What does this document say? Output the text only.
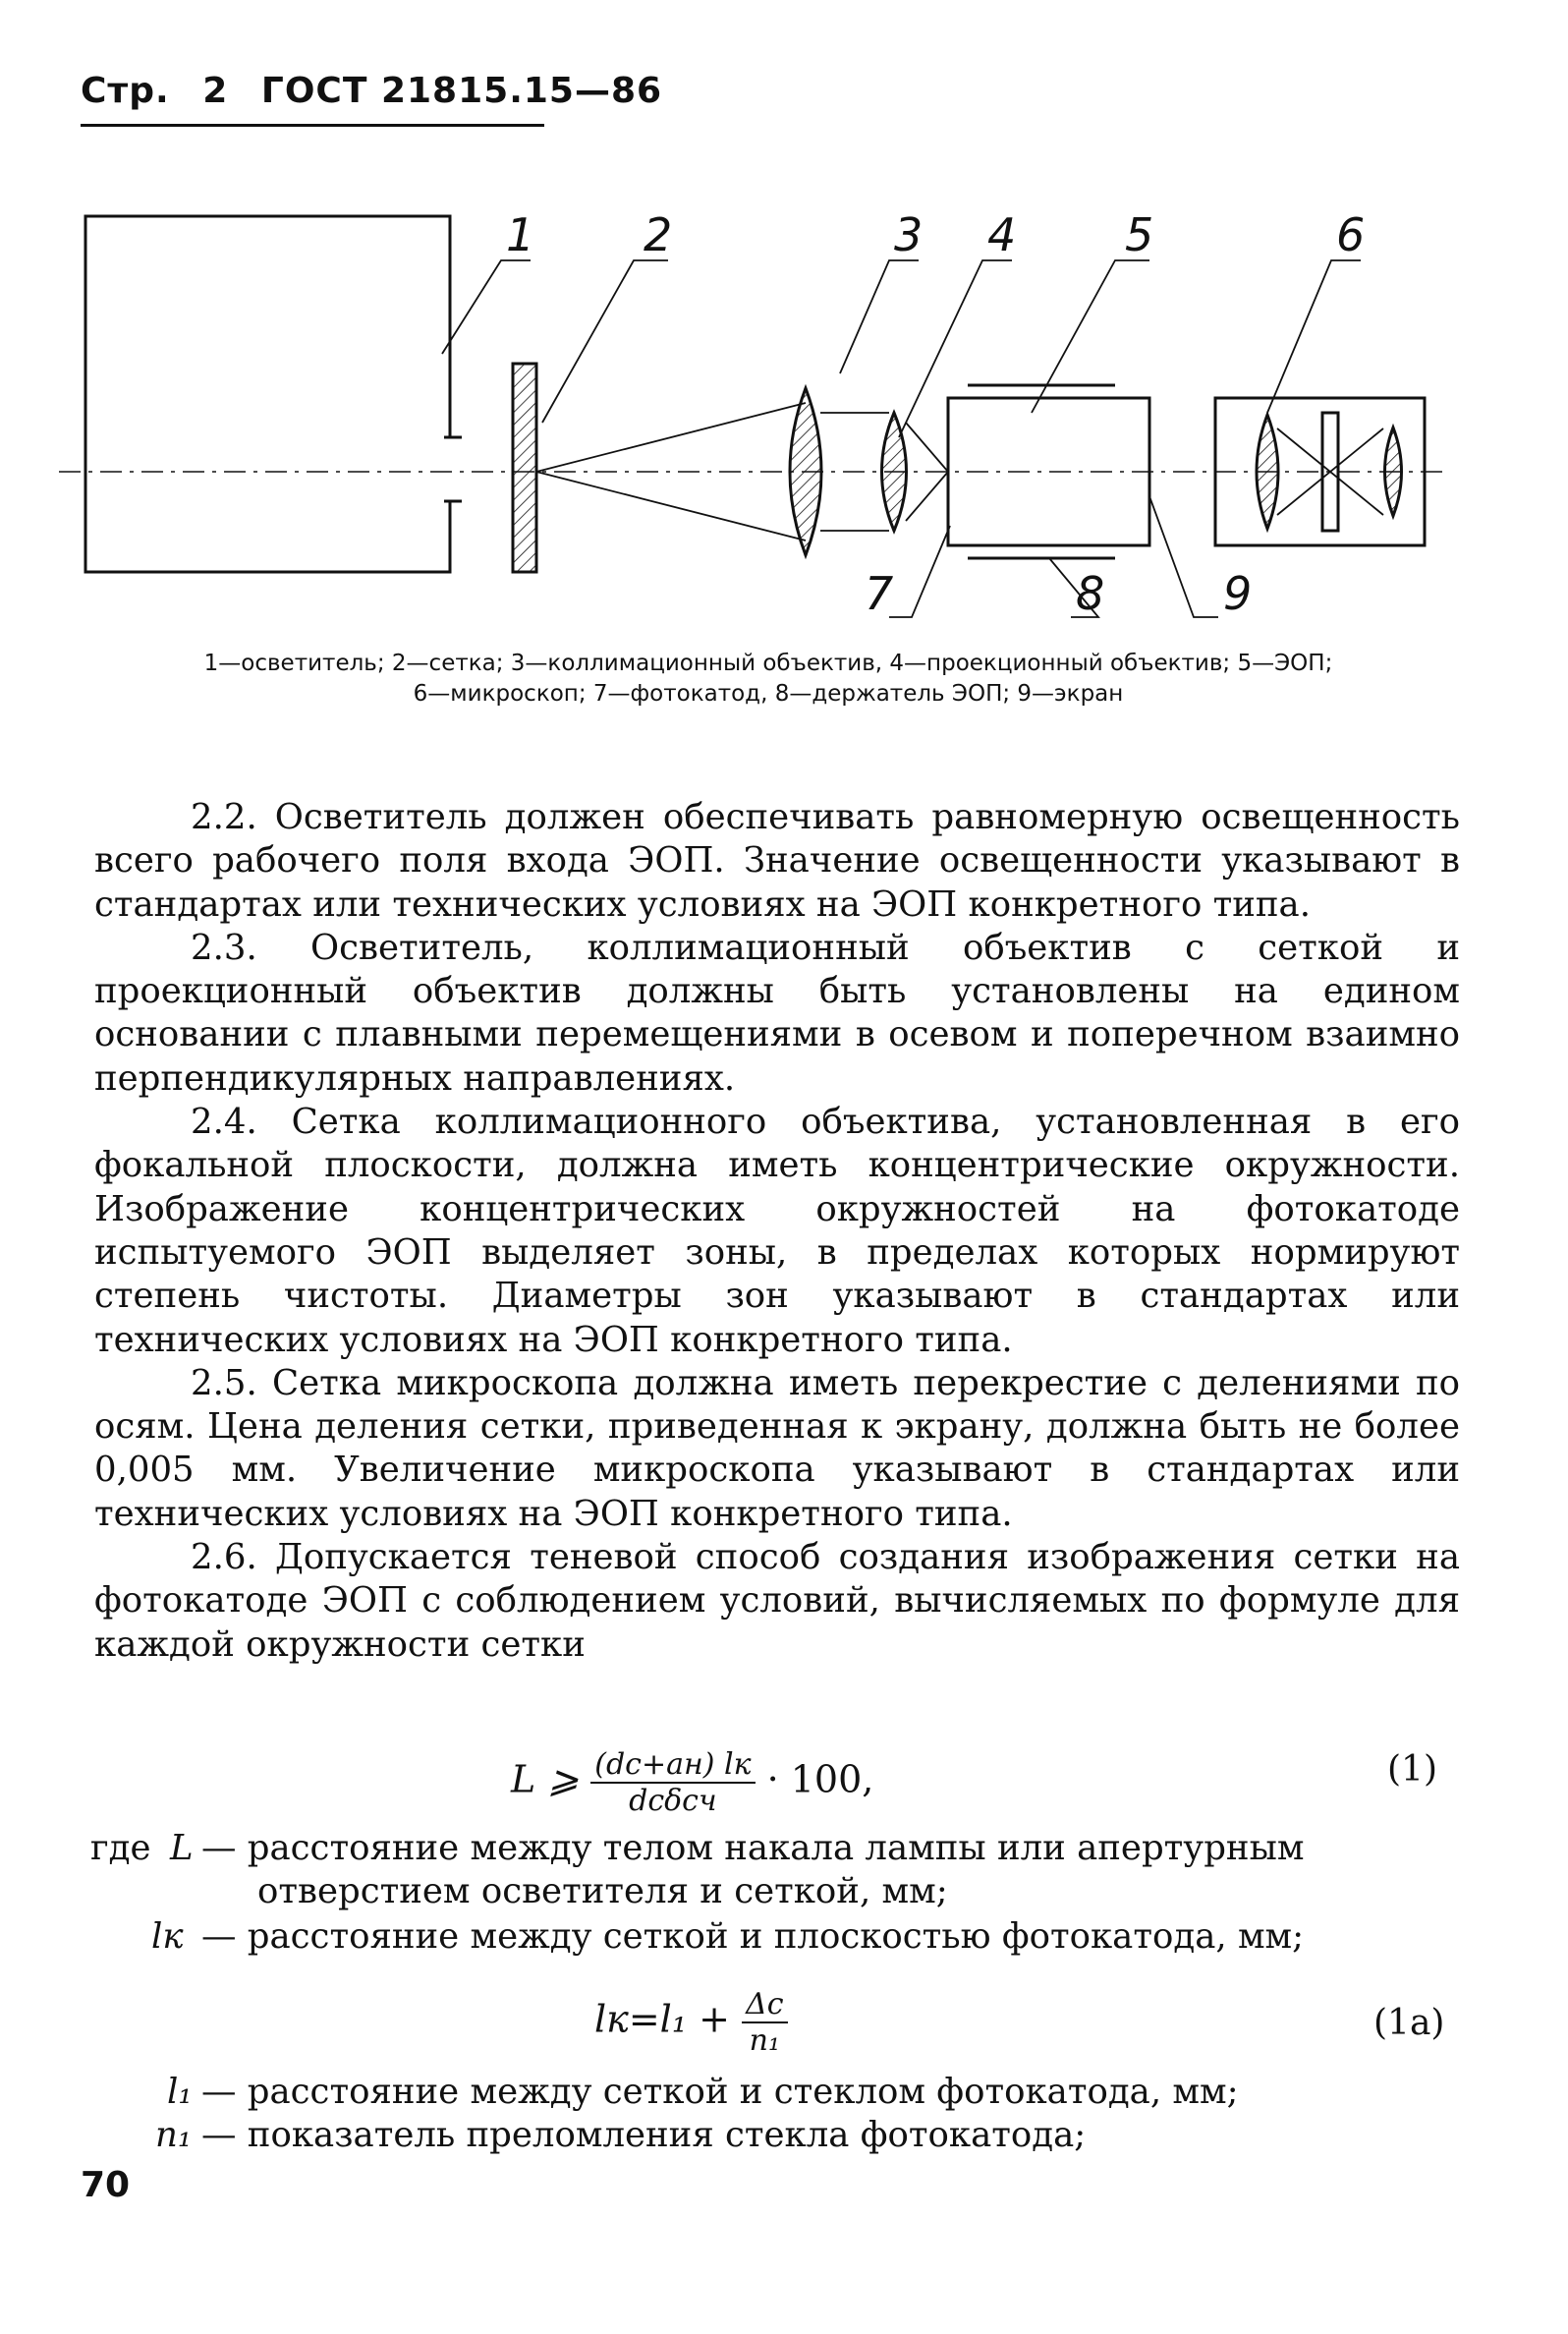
Стр. 2 ГОСТ 21815.15—86
1 2	3 4 5	6
7	8	9
1—осветитель; 2—сетка; 3—коллимационный объектив, 4—проекционный объектив; 5—ЭОП;
6—микроскоп; 7—фотокатод, 8—держатель ЭОП; 9—экран

2.2. Осветитель должен обеспечивать равномерную освещенность всего рабочего поля входа ЭОП. Значение освещенности указывают в стандартах или технических условиях на ЭОП конкретного типа.

2.3. Осветитель, коллимационный объектив с сеткой и проекционный объектив должны быть установлены на едином основании с плавными перемещениями в осевом и поперечном взаимно перпендикулярных направлениях.

2.4. Сетка коллимационного объектива, установленная в его фокальной плоскости, должна иметь концентрические окружности. Изображение концентрических окружностей на фотокатоде испытуемого ЭОП выделяет зоны, в пределах которых нормируют степень чистоты. Диаметры зон указывают в стандартах или технических условиях на ЭОП конкретного типа.

2.5. Сетка микроскопа должна иметь перекрестие с делениями по осям. Цена деления сетки, приведенная к экрану, должна быть не более 0,005 мм. Увеличение микроскопа указывают в стандартах или технических условиях на ЭОП конкретного типа.

2.6. Допускается теневой способ создания изображения сетки на фотокатоде ЭОП с соблюдением условий, вычисляемых по формуле для каждой окружности сетки

L ⩾ $\frac{(dс+aн) lк}{\text{dсδсч}} \cdot 100$,	(1)
где L — расстояние между телом накала лампы или апертурным
отверстием осветителя и сеткой, мм;
lк — расстояние между сеткой и плоскостью фотокатода, мм;
$lк=l_1 + \frac{\Delta c}{\text{n₁}}$	(1a)
l₁ — расстояние между сеткой и стеклом фотокатода, мм;
n₁ — показатель преломления стекла фотокатода;
70
